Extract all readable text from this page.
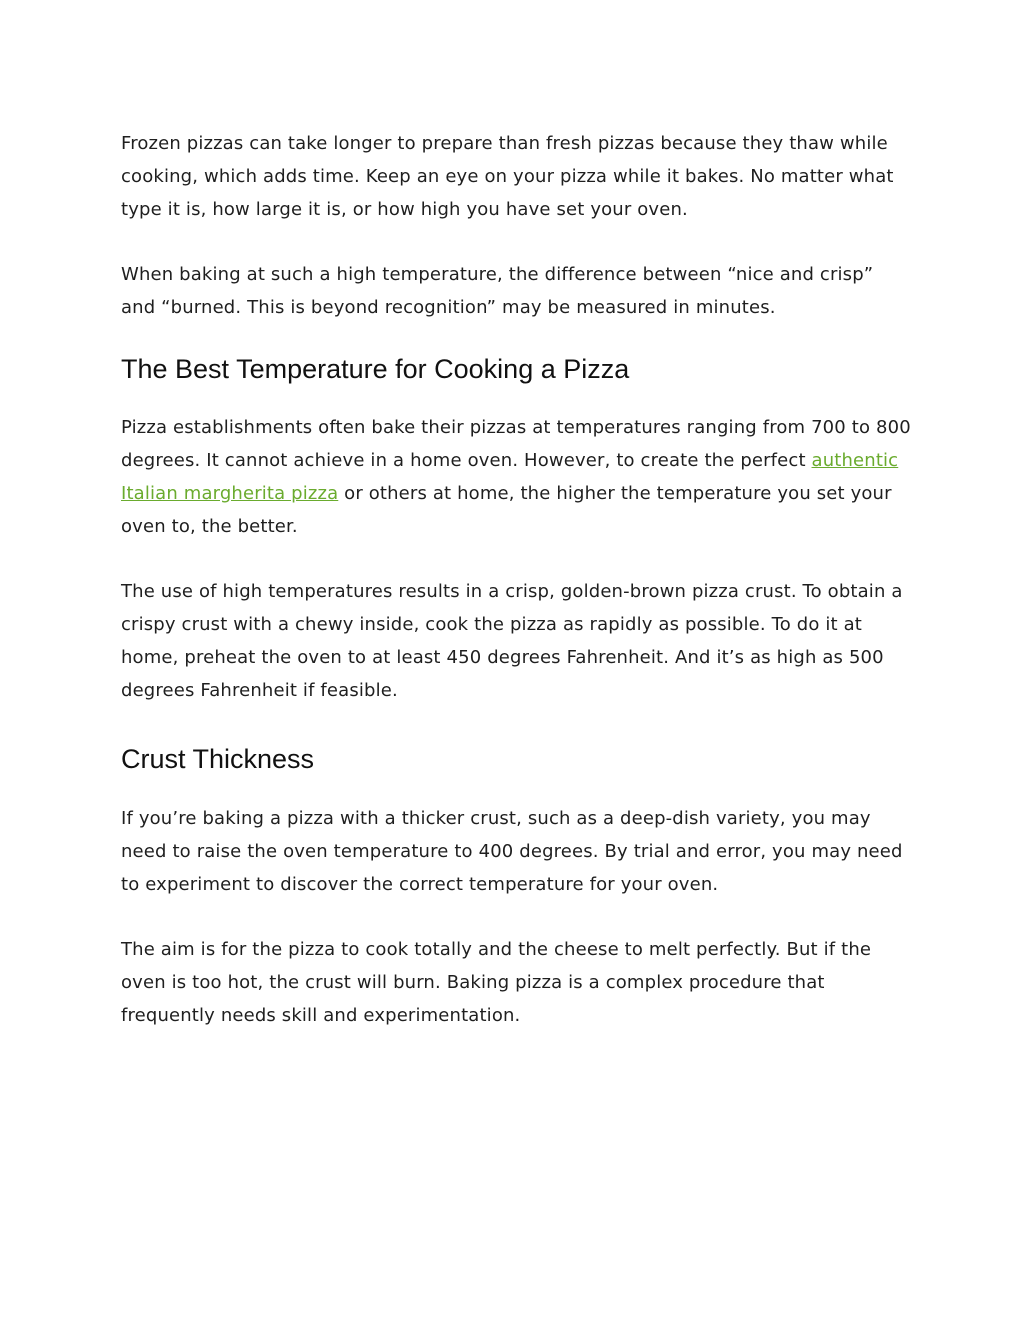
Frozen pizzas can take longer to prepare than fresh pizzas because they thaw while cooking, which adds time. Keep an eye on your pizza while it bakes. No matter what type it is, how large it is, or how high you have set your oven.

When baking at such a high temperature, the difference between “nice and crisp” and “burned. This is beyond recognition” may be measured in minutes.

The Best Temperature for Cooking a Pizza

Pizza establishments often bake their pizzas at temperatures ranging from 700 to 800 degrees. It cannot achieve in a home oven. However, to create the perfect authentic Italian margherita pizza or others at home, the higher the temperature you set your oven to, the better.

The use of high temperatures results in a crisp, golden-brown pizza crust. To obtain a crispy crust with a chewy inside, cook the pizza as rapidly as possible. To do it at home, preheat the oven to at least 450 degrees Fahrenheit. And it’s as high as 500 degrees Fahrenheit if feasible.

Crust Thickness

If you’re baking a pizza with a thicker crust, such as a deep-dish variety, you may need to raise the oven temperature to 400 degrees. By trial and error, you may need to experiment to discover the correct temperature for your oven.

The aim is for the pizza to cook totally and the cheese to melt perfectly. But if the oven is too hot, the crust will burn. Baking pizza is a complex procedure that frequently needs skill and experimentation.
